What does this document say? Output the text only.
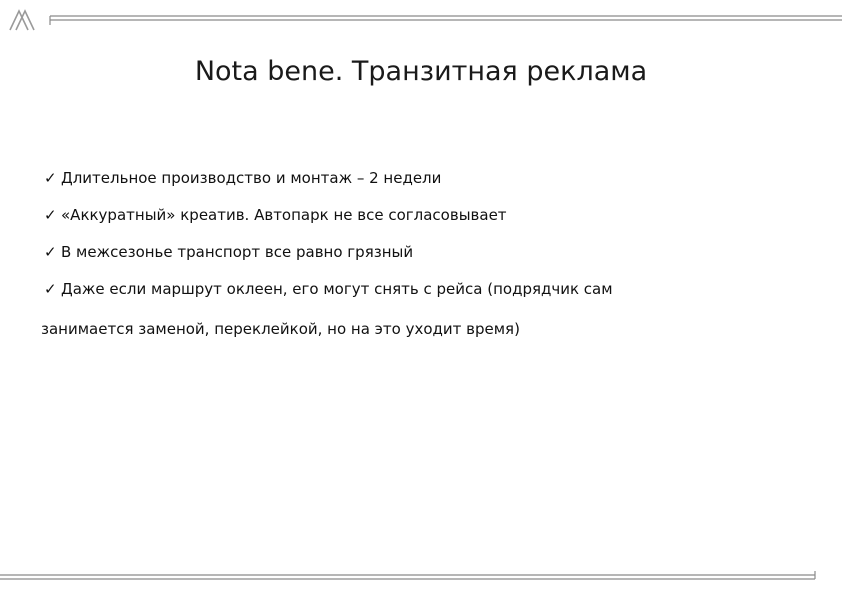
Nota bene. Транзитная реклама
✓ Длительное производство и монтаж – 2 недели
✓ «Аккуратный» креатив. Автопарк не все согласовывает
✓ В межсезонье транспорт все равно грязный
✓ Даже если маршрут оклеен, его могут снять с рейса (подрядчик сам
занимается заменой, переклейкой, но на это уходит время)
